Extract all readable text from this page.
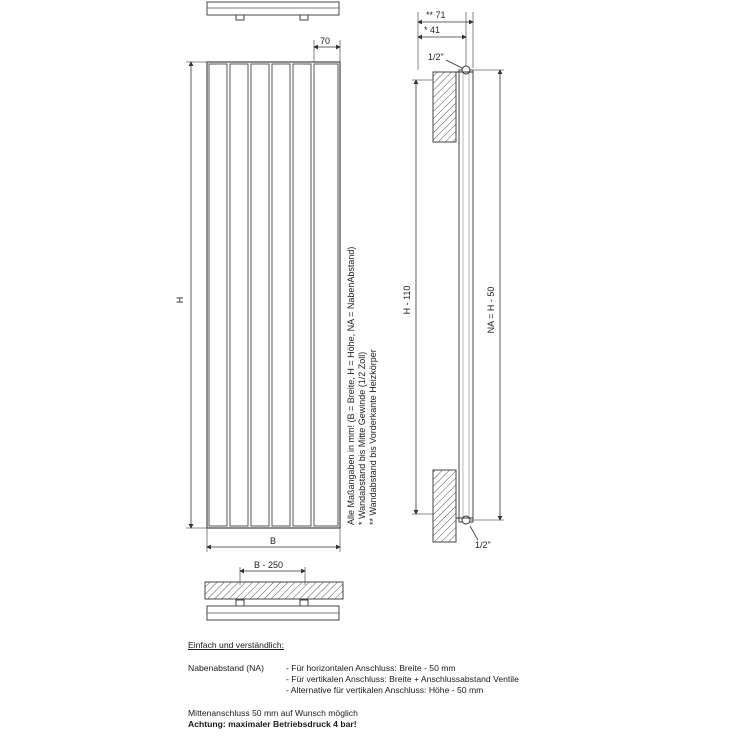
70
H
B
Alle Maßangaben in mm! (B = Breite, H = Höhe, NA = NabenAbstand) * Wandabstand bis Mitte Gewinde (1/2 Zoll) ** Wandabstand bis Vorderkante Heizkörper
B - 250
** 71
* 41
1/2"
H - 110	NA = H - 50
1/2"
Einfach und verständlich:
Nabenabstand (NA)	- Für horizontalen Anschluss: Breite - 50 mm
- Für vertikalen Anschluss: Breite + Anschlussabstand Ventile
- Alternative für vertikalen Anschluss: Höhe - 50 mm
Mittenanschluss 50 mm auf Wunsch möglich
Achtung: maximaler Betriebsdruck 4 bar!
